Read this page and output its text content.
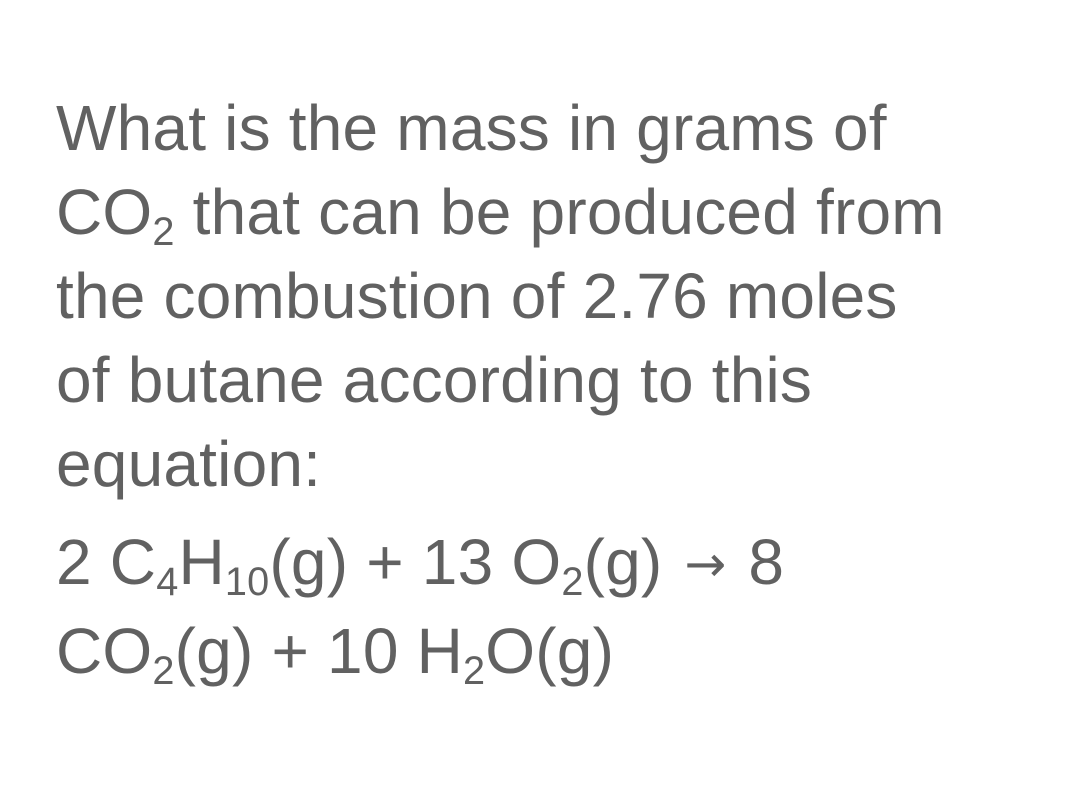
What is the mass in grams of
$CO_2$ that can be produced from
the combustion of 2.76 moles
of butane according to this
equation:

2 $C_4H_{10}(g) + 13$ $O_2(g) \to 8$
$CO_2(g) + 10$ $H_2O(g)$
